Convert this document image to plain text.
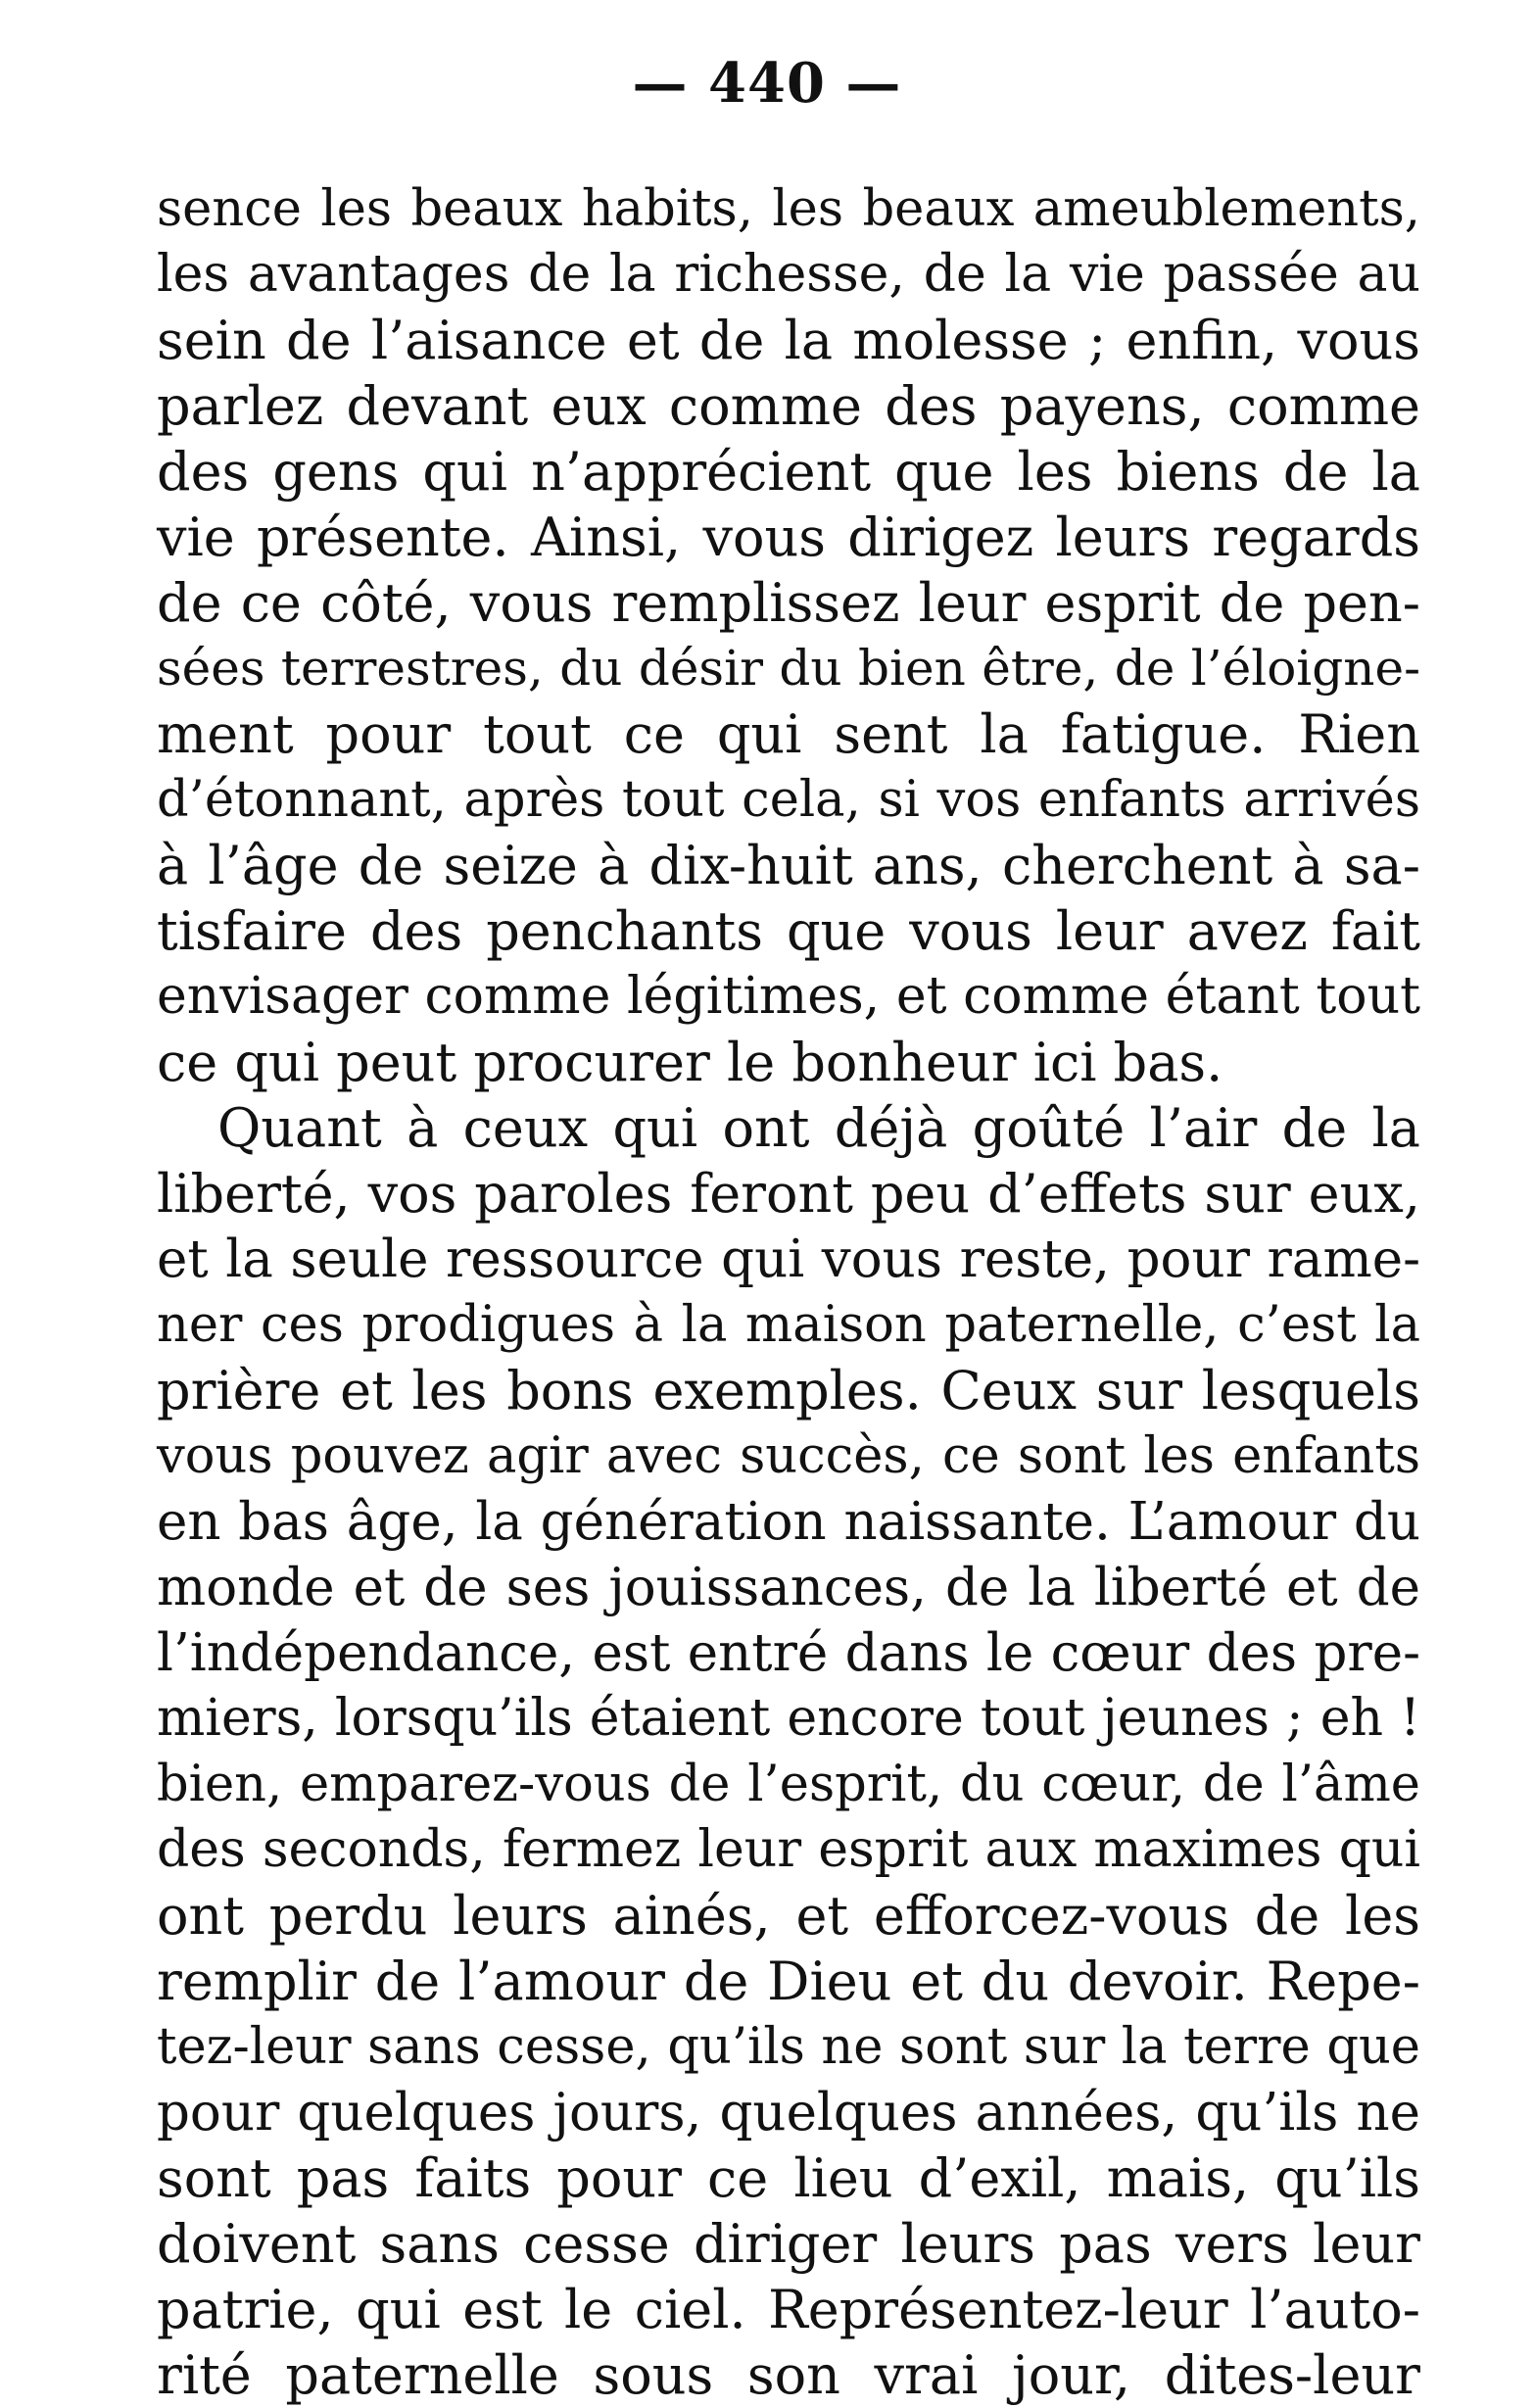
— 440 —
sence les beaux habits, les beaux ameublements,
les avantages de la richesse, de la vie passée au
sein de l’aisance et de la molesse ; enfin, vous
parlez devant eux comme des payens, comme
des gens qui n’apprécient que les biens de la
vie présente. Ainsi, vous dirigez leurs regards
de ce côté, vous remplissez leur esprit de pen-
sées terrestres, du désir du bien être, de l’éloigne-
ment pour tout ce qui sent la fatigue. Rien
d’étonnant, après tout cela, si vos enfants arrivés
à l’âge de seize à dix-huit ans, cherchent à sa-
tisfaire des penchants que vous leur avez fait
envisager comme légitimes, et comme étant tout
ce qui peut procurer le bonheur ici bas.
Quant à ceux qui ont déjà goûté l’air de la
liberté, vos paroles feront peu d’effets sur eux,
et la seule ressource qui vous reste, pour rame-
ner ces prodigues à la maison paternelle, c’est la
prière et les bons exemples. Ceux sur lesquels
vous pouvez agir avec succès, ce sont les enfants
en bas âge, la génération naissante. L’amour du
monde et de ses jouissances, de la liberté et de
l’indépendance, est entré dans le cœur des pre-
miers, lorsqu’ils étaient encore tout jeunes ; eh !
bien, emparez-vous de l’esprit, du cœur, de l’âme
des seconds, fermez leur esprit aux maximes qui
ont perdu leurs ainés, et efforcez-vous de les
remplir de l’amour de Dieu et du devoir. Repe-
tez-leur sans cesse, qu’ils ne sont sur la terre que
pour quelques jours, quelques années, qu’ils ne
sont pas faits pour ce lieu d’exil, mais, qu’ils
doivent sans cesse diriger leurs pas vers leur
patrie, qui est le ciel. Représentez-leur l’auto-
rité paternelle sous son vrai jour, dites-leur
